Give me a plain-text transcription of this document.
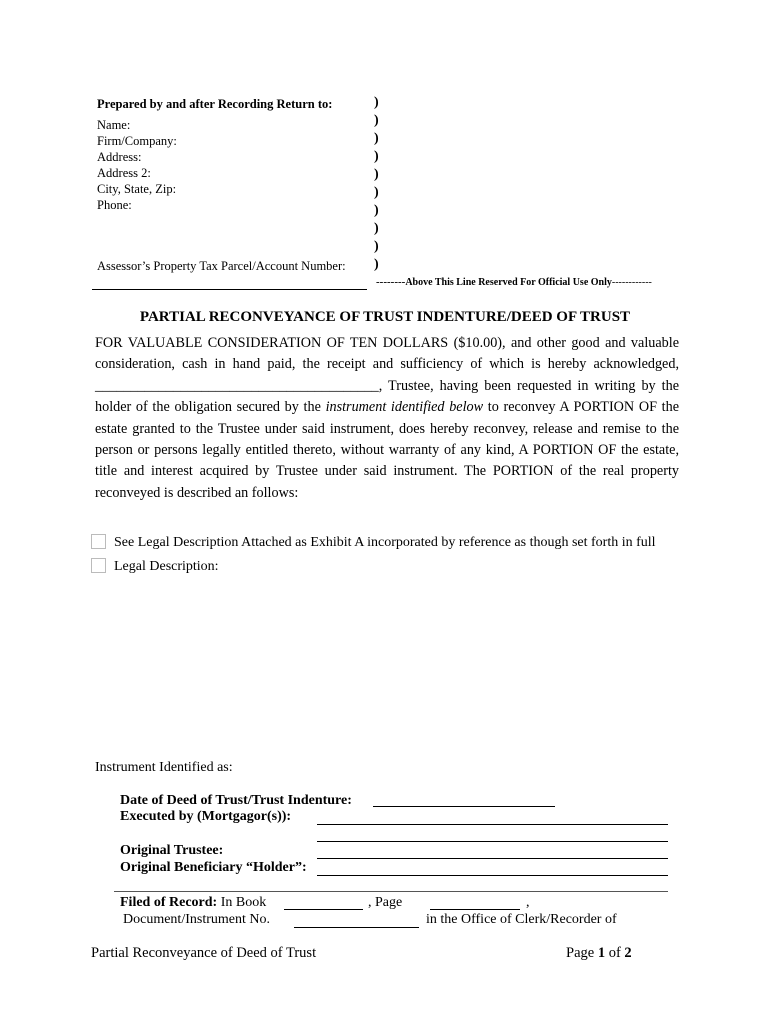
Prepared by and after Recording Return to:
Name:
Firm/Company:
Address:
Address 2:
City, State, Zip:
Phone:
Assessor’s Property Tax Parcel/Account Number:
)
)
)
)
)
)
)
)
)
)
--------Above This Line Reserved For Official Use Only------------
PARTIAL RECONVEYANCE OF TRUST INDENTURE/DEED OF TRUST
FOR VALUABLE CONSIDERATION OF TEN DOLLARS ($10.00), and other good and valuable consideration, cash in hand paid, the receipt and sufficiency of which is hereby acknowledged, ________________________________________, Trustee, having been requested in writing by the holder of the obligation secured by the instrument identified below to reconvey A PORTION OF the estate granted to the Trustee under said instrument, does hereby reconvey, release and remise to the person or persons legally entitled thereto, without warranty of any kind, A PORTION OF the estate, title and interest acquired by Trustee under said instrument. The PORTION of the real property reconveyed is described an follows:
See Legal Description Attached as Exhibit A incorporated by reference as though set forth in full
Legal Description:
Instrument Identified as:
Date of Deed of Trust/Trust Indenture:
Executed by (Mortgagor(s)):
Original Trustee:
Original Beneficiary “Holder”:
Filed of Record: In Book	, Page	,
Document/Instrument No.	in the Office of Clerk/Recorder of
Partial Reconveyance of Deed of Trust	Page 1 of 2
